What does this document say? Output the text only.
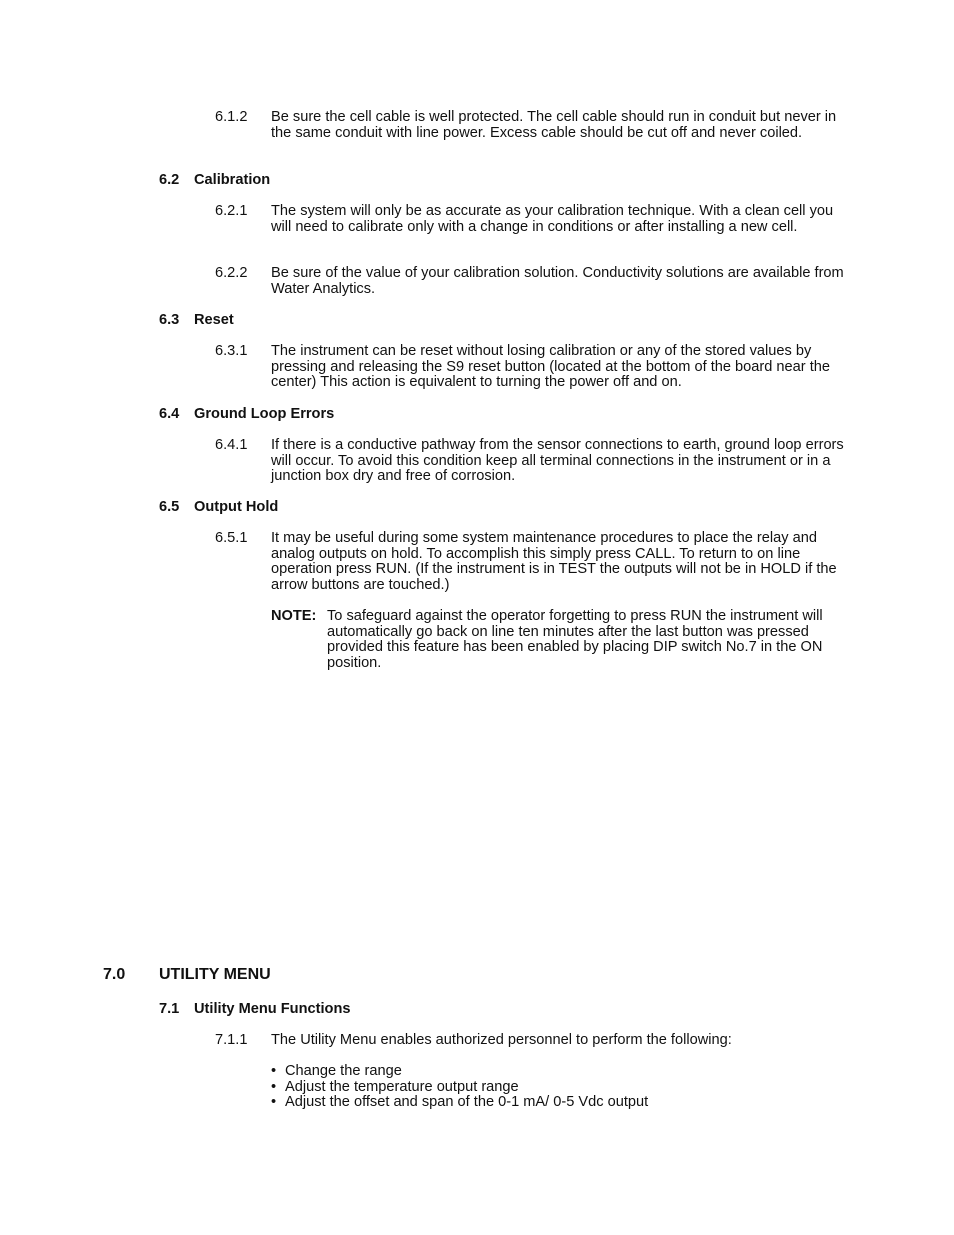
6.1.2 Be sure the cell cable is well protected. The cell cable should run in conduit but never in the same conduit with line power. Excess cable should be cut off and never coiled.
6.2 Calibration
6.2.1 The system will only be as accurate as your calibration technique. With a clean cell you will need to calibrate only with a change in conditions or after installing a new cell.
6.2.2 Be sure of the value of your calibration solution. Conductivity solutions are available from Water Analytics.
6.3 Reset
6.3.1 The instrument can be reset without losing calibration or any of the stored values by pressing and releasing the S9 reset button (located at the bottom of the board near the center) This action is equivalent to turning the power off and on.
6.4 Ground Loop Errors
6.4.1 If there is a conductive pathway from the sensor connections to earth, ground loop errors will occur. To avoid this condition keep all terminal connections in the instrument or in a junction box dry and free of corrosion.
6.5 Output Hold
6.5.1 It may be useful during some system maintenance procedures to place the relay and analog outputs on hold. To accomplish this simply press CALL. To return to on line operation press RUN. (If the instrument is in TEST the outputs will not be in HOLD if the arrow buttons are touched.)
NOTE: To safeguard against the operator forgetting to press RUN the instrument will automatically go back on line ten minutes after the last button was pressed provided this feature has been enabled by placing DIP switch No.7 in the ON position.
7.0 UTILITY MENU
7.1 Utility Menu Functions
7.1.1 The Utility Menu enables authorized personnel to perform the following:
• Change the range
• Adjust the temperature output range
• Adjust the offset and span of the 0-1 mA/ 0-5 Vdc output
